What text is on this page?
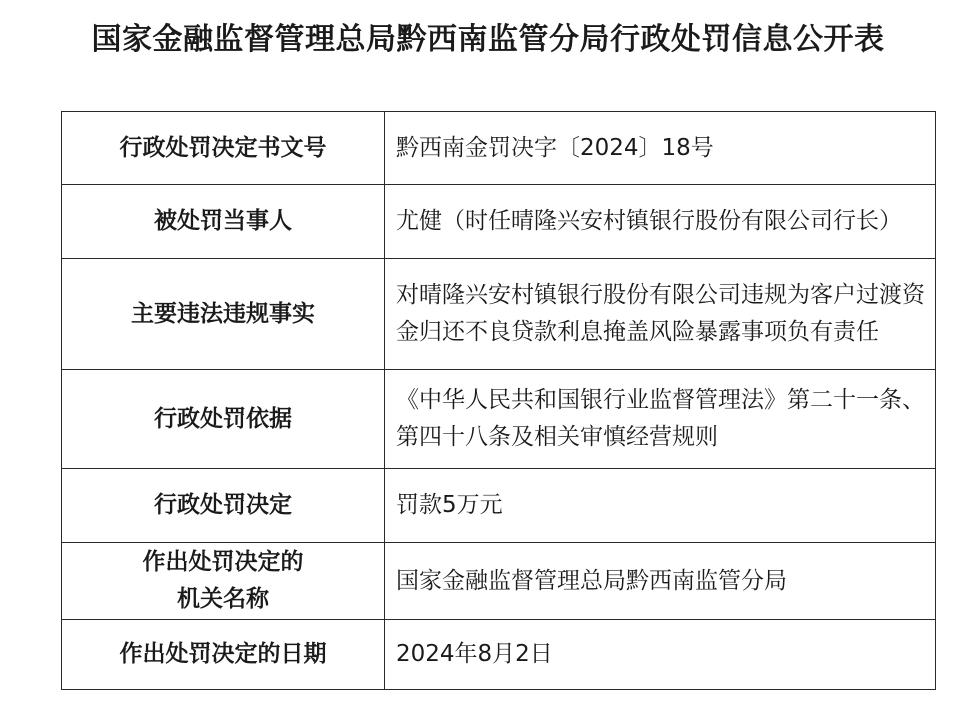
国家金融监督管理总局黔西南监管分局行政处罚信息公开表
行政处罚决定书文号	黔西南金罚决字〔2024〕18号
被处罚当事人	尤健（时任晴隆兴安村镇银行股份有限公司行长）
主要违法违规事实	对晴隆兴安村镇银行股份有限公司违规为客户过渡资金归还不良贷款利息掩盖风险暴露事项负有责任
行政处罚依据	《中华人民共和国银行业监督管理法》第二十一条、第四十八条及相关审慎经营规则
行政处罚决定	罚款5万元

作出处罚决定的
机关名称	国家金融监督管理总局黔西南监管分局
作出处罚决定的日期	2024年8月2日
